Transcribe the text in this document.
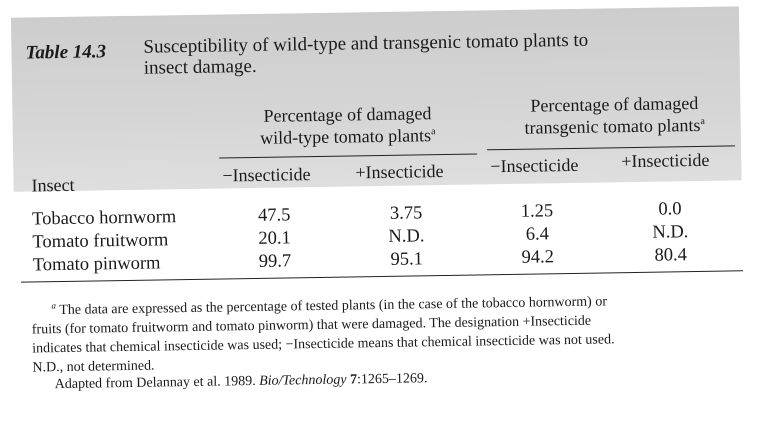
Table 14.3 Susceptibility of wild-type and transgenic tomato plants to
insect damage.
Percentage of damaged
wild-type tomato plants$^a$
Percentage of damaged
transgenic tomato plants$^a$
Insect	−Insecticide +Insecticide	−Insecticide +Insecticide
Tobacco hornworm	47.5	3.75	1.25	0.0
Tomato fruitworm	20.1	N.D.	6.4	N.D.
Tomato pinworm	99.7	95.1	94.2	80.4
$^a$ The data are expressed as the percentage of tested plants (in the case of the tobacco hornworm) or
fruits (for tomato fruitworm and tomato pinworm) that were damaged. The designation +Insecticide
indicates that chemical insecticide was used; −Insecticide means that chemical insecticide was not used.
N.D., not determined.
Adapted from Delannay et al. 1989. Bio/Technology 7:1265–1269.
